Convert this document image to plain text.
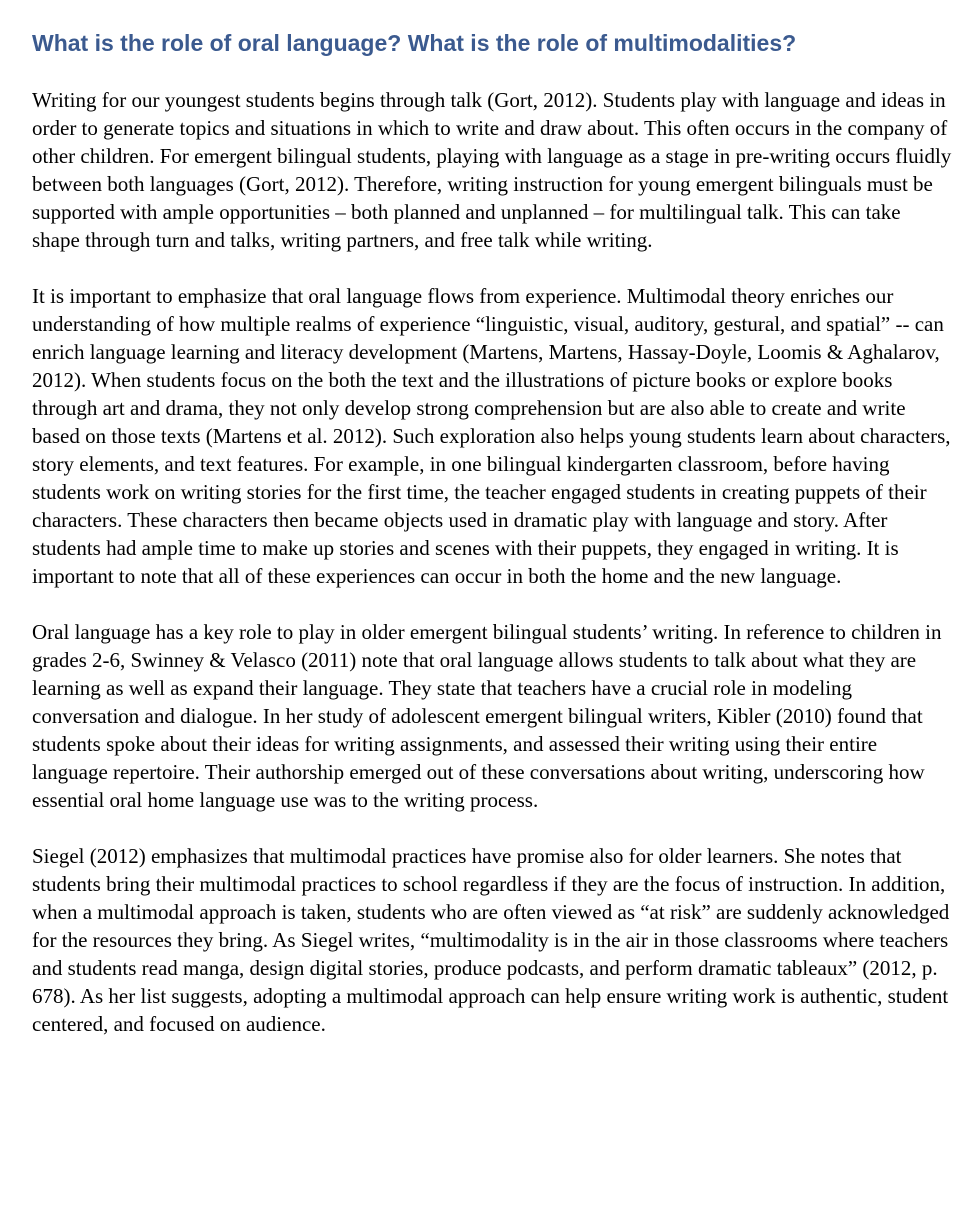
What is the role of oral language? What is the role of multimodalities?

Writing for our youngest students begins through talk (Gort, 2012). Students play with language and ideas in order to generate topics and situations in which to write and draw about. This often occurs in the company of other children. For emergent bilingual students, playing with language as a stage in pre-writing occurs fluidly between both languages (Gort, 2012). Therefore, writing instruction for young emergent bilinguals must be supported with ample opportunities – both planned and unplanned – for multilingual talk. This can take shape through turn and talks, writing partners, and free talk while writing.

It is important to emphasize that oral language flows from experience. Multimodal theory enriches our understanding of how multiple realms of experience “linguistic, visual, auditory, gestural, and spatial” -- can enrich language learning and literacy development (Martens, Martens, Hassay-Doyle, Loomis & Aghalarov, 2012). When students focus on the both the text and the illustrations of picture books or explore books through art and drama, they not only develop strong comprehension but are also able to create and write based on those texts (Martens et al. 2012). Such exploration also helps young students learn about characters, story elements, and text features. For example, in one bilingual kindergarten classroom, before having students work on writing stories for the first time, the teacher engaged students in creating puppets of their characters. These characters then became objects used in dramatic play with language and story. After students had ample time to make up stories and scenes with their puppets, they engaged in writing. It is important to note that all of these experiences can occur in both the home and the new language.

Oral language has a key role to play in older emergent bilingual students’ writing. In reference to children in grades 2-6, Swinney & Velasco (2011) note that oral language allows students to talk about what they are learning as well as expand their language. They state that teachers have a crucial role in modeling conversation and dialogue. In her study of adolescent emergent bilingual writers, Kibler (2010) found that students spoke about their ideas for writing assignments, and assessed their writing using their entire language repertoire. Their authorship emerged out of these conversations about writing, underscoring how essential oral home language use was to the writing process.

Siegel (2012) emphasizes that multimodal practices have promise also for older learners. She notes that students bring their multimodal practices to school regardless if they are the focus of instruction. In addition, when a multimodal approach is taken, students who are often viewed as “at risk” are suddenly acknowledged for the resources they bring. As Siegel writes, “multimodality is in the air in those classrooms where teachers and students read manga, design digital stories, produce podcasts, and perform dramatic tableaux” (2012, p. 678). As her list suggests, adopting a multimodal approach can help ensure writing work is authentic, student centered, and focused on audience.
